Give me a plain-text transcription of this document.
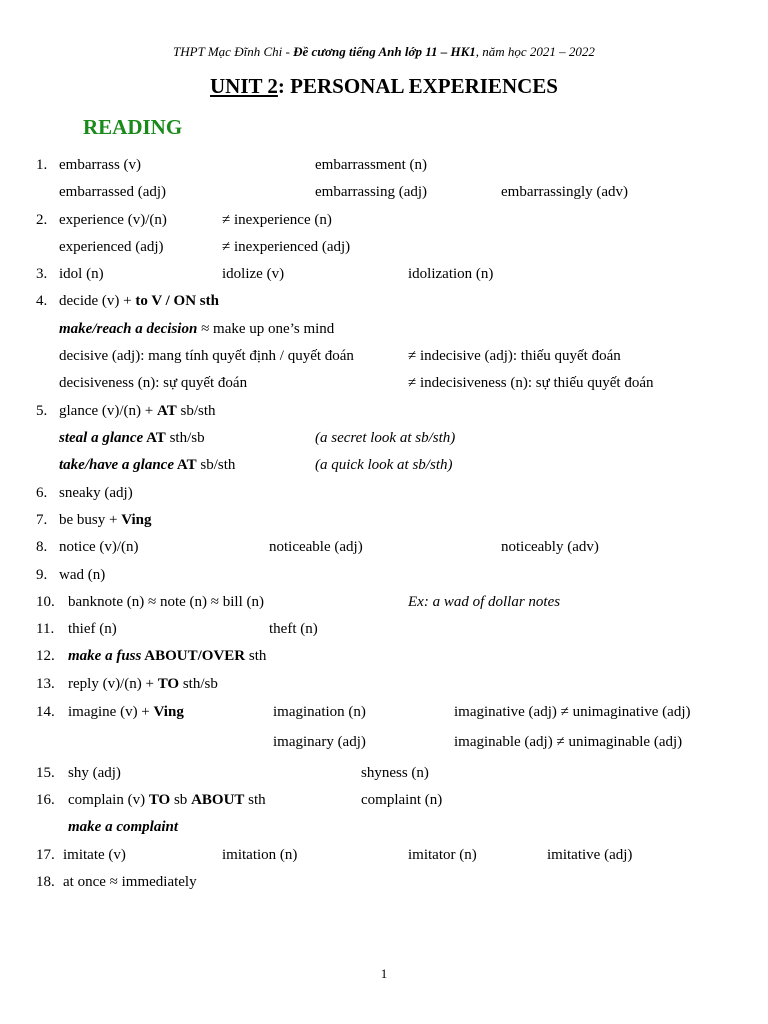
THPT Mạc Đĩnh Chi - Đề cương tiếng Anh lớp 11 – HK1, năm học 2021 – 2022
UNIT 2: PERSONAL EXPERIENCES
READING
1. embarrass (v)	embarrassment (n)
embarrassed (adj)	embarrassing (adj)	embarrassingly (adv)
2. experience (v)/(n)	≠ inexperience (n)
experienced (adj)	≠ inexperienced (adj)
3. idol (n)	idolize (v)	idolization (n)
4. decide (v) + to V / ON sth
make/reach a decision ≈ make up one’s mind
decisive (adj): mang tính quyết định / quyết đoán	≠ indecisive (adj): thiếu quyết đoán
decisiveness (n): sự quyết đoán	≠ indecisiveness (n): sự thiếu quyết đoán
5. glance (v)/(n) + AT sb/sth
steal a glance AT sth/sb	(a secret look at sb/sth)
take/have a glance AT sb/sth	(a quick look at sb/sth)
6. sneaky (adj)
7. be busy + Ving
8. notice (v)/(n)	noticeable (adj)	noticeably (adv)
9. wad (n)
10. banknote (n) ≈ note (n) ≈ bill (n)	Ex: a wad of dollar notes
11. thief (n)	theft (n)
12. make a fuss ABOUT/OVER sth
13. reply (v)/(n) + TO sth/sb
14. imagine (v) + Ving	imagination (n)	imaginative (adj) ≠ unimaginative (adj)
imaginary (adj)	imaginable (adj) ≠ unimaginable (adj)
15. shy (adj)	shyness (n)
16. complain (v) TO sb ABOUT sth	complaint (n)
make a complaint
17. imitate (v)	imitation (n)	imitator (n)	imitative (adj)
18. at once ≈ immediately
1
